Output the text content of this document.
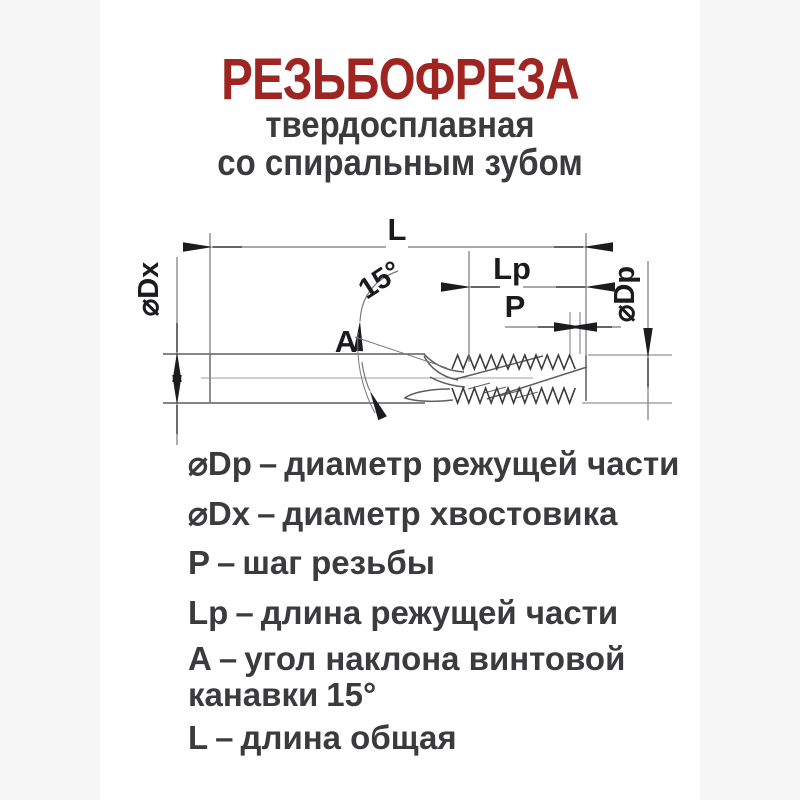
РЕЗЬБОФРЕЗА
твердосплавная
со спиральным зубом
L
Lp
P
A
15°
⌀Dx	⌀Dp
⌀Dp – диаметр режущей части
⌀Dx – диаметр хвостовика
P – шаг резьбы
Lp – длина режущей части
А – угол наклона винтовой канавки 15°
L – длина общая
